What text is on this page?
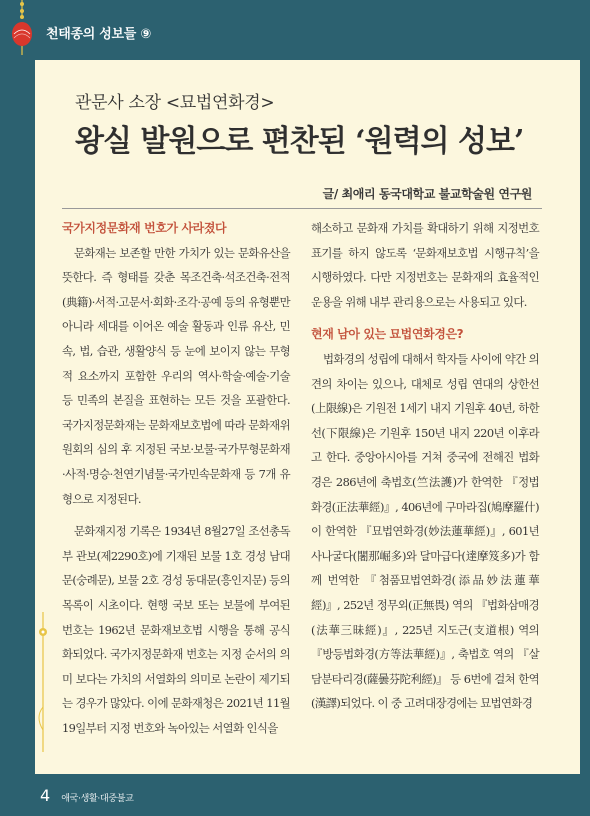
천태종의 성보들 ⑨
관문사 소장 <묘법연화경>
왕실 발원으로 편찬된 ‘원력의 성보’
글/ 최애리 동국대학교 불교학술원 연구원
국가지정문화재 번호가 사라졌다

문화재는 보존할 만한 가치가 있는 문화유산을 뜻한다. 즉 형태를 갖춘 목조건축·석조건축·전적(典籍)·서적·고문서·회화·조각·공예 등의 유형뿐만 아니라 세대를 이어온 예술 활동과 인류 유산, 민속, 법, 습관, 생활양식 등 눈에 보이지 않는 무형적 요소까지 포함한 우리의 역사·학술·예술·기술 등 민족의 본질을 표현하는 모든 것을 포괄한다. 국가지정문화재는 문화재보호법에 따라 문화재위원회의 심의 후 지정된 국보·보물·국가무형문화재·사적·명승·천연기념물·국가민속문화재 등 7개 유형으로 지정된다.

문화재지정 기록은 1934년 8월27일 조선총독부 관보(제2290호)에 기재된 보물 1호 경성 남대문(숭례문), 보물 2호 경성 동대문(흥인지문) 등의 목록이 시초이다. 현행 국보 또는 보물에 부여된 번호는 1962년 문화재보호법 시행을 통해 공식화되었다. 국가지정문화재 번호는 지정 순서의 의미 보다는 가치의 서열화의 의미로 논란이 제기되는 경우가 많았다. 이에 문화재청은 2021년 11월19일부터 지정 번호와 녹아있는 서열화 인식을

해소하고 문화재 가치를 확대하기 위해 지정번호 표기를 하지 않도록 ‘문화재보호법 시행규칙’을 시행하였다. 다만 지정번호는 문화재의 효율적인 운용을 위해 내부 관리용으로는 사용되고 있다.

현재 남아 있는 묘법연화경은?

법화경의 성립에 대해서 학자들 사이에 약간 의견의 차이는 있으나, 대체로 성립 연대의 상한선(上限線)은 기원전 1세기 내지 기원후 40년, 하한선(下限線)은 기원후 150년 내지 220년 이후라고 한다. 중앙아시아를 거쳐 중국에 전해진 법화경은 286년에 축법호(竺法護)가 한역한 『정법화경(正法華經)』, 406년에 구마라집(鳩摩羅什)이 한역한 『묘법연화경(妙法蓮華經)』, 601년 사나굴다(闍那崛多)와 달마급다(達摩笈多)가 함께 번역한 『첨품묘법연화경(添品妙法蓮華經)』, 252년 정무외(正無畏) 역의 『법화삼매경(法華三昧經)』, 225년 지도근(支道根) 역의 『방등법화경(方等法華經)』, 축법호 역의 『살담분타리경(薩曇芬陀利經)』 등 6번에 걸쳐 한역(漢譯)되었다. 이 중 고려대장경에는 묘법연화경

4 애국·생활·대중불교
